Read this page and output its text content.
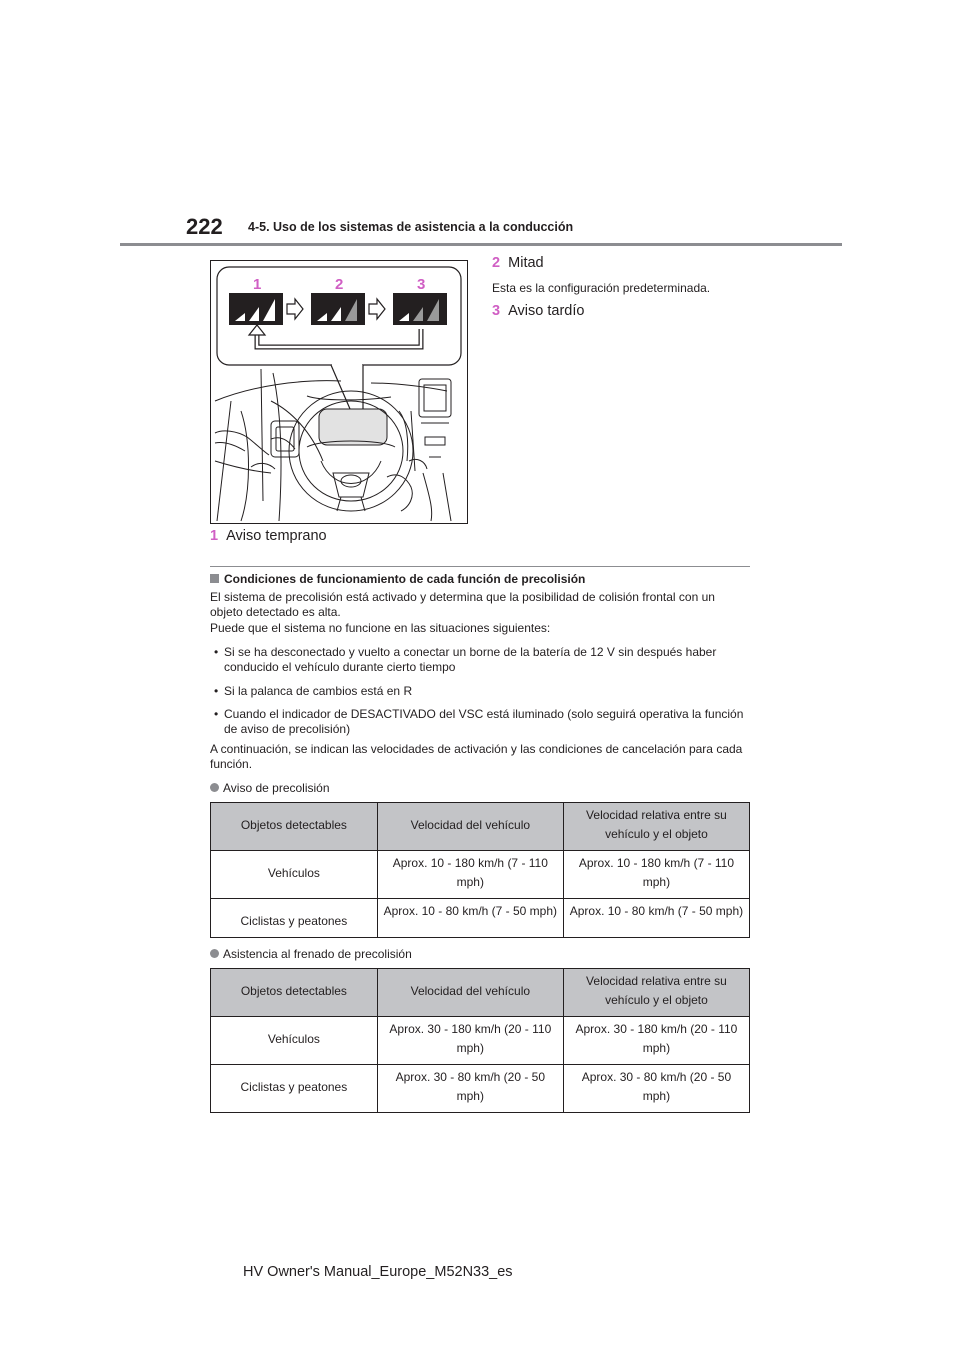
222 4-5. Uso de los sistemas de asistencia a la conducción
1	2	3
2 Mitad
Esta es la configuración predeterminada.
3 Aviso tardío
1 Aviso temprano
Condiciones de funcionamiento de cada función de precolisión
El sistema de precolisión está activado y determina que la posibilidad de colisión frontal con un objeto detectado es alta.
Puede que el sistema no funcione en las situaciones siguientes:
• Si se ha desconectado y vuelto a conectar un borne de la batería de 12 V sin después haber conducido el vehículo durante cierto tiempo
• Si la palanca de cambios está en R
• Cuando el indicador de DESACTIVADO del VSC está iluminado (solo seguirá operativa la función de aviso de precolisión)
A continuación, se indican las velocidades de activación y las condiciones de cancelación para cada función.
Aviso de precolisión
Objetos detectables	Velocidad del vehículo	Velocidad relativa entre su vehículo y el objeto
Vehículos	Aprox. 10 - 180 km/h (7 - 110 mph)	Aprox. 10 - 180 km/h (7 - 110 mph)
Ciclistas y peatones	Aprox. 10 - 80 km/h (7 - 50 mph)	Aprox. 10 - 80 km/h (7 - 50 mph)
Asistencia al frenado de precolisión
Objetos detectables	Velocidad del vehículo	Velocidad relativa entre su vehículo y el objeto
Vehículos	Aprox. 30 - 180 km/h (20 - 110 mph)	Aprox. 30 - 180 km/h (20 - 110 mph)
Ciclistas y peatones	Aprox. 30 - 80 km/h (20 - 50 mph)	Aprox. 30 - 80 km/h (20 - 50 mph)
HV Owner's Manual_Europe_M52N33_es
